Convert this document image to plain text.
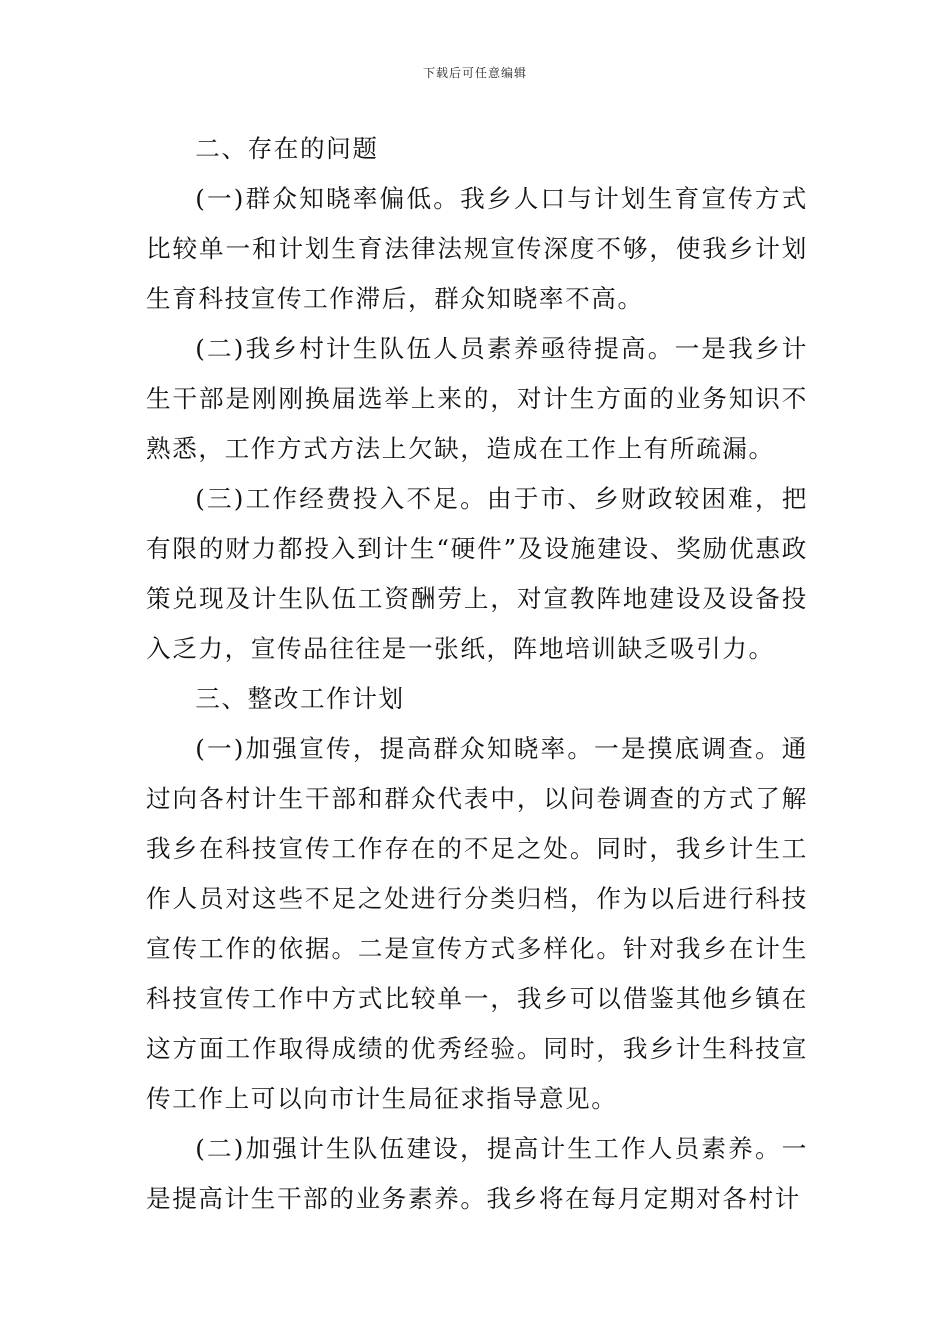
下载后可任意编辑

二、存在的问题

(一)群众知晓率偏低。我乡人口与计划生育宣传方式比较单一和计划生育法律法规宣传深度不够，使我乡计划生育科技宣传工作滞后，群众知晓率不高。

(二)我乡村计生队伍人员素养亟待提高。一是我乡计生干部是刚刚换届选举上来的，对计生方面的业务知识不熟悉，工作方式方法上欠缺，造成在工作上有所疏漏。

(三)工作经费投入不足。由于市、乡财政较困难，把有限的财力都投入到计生“硬件”及设施建设、奖励优惠政策兑现及计生队伍工资酬劳上，对宣教阵地建设及设备投入乏力，宣传品往往是一张纸，阵地培训缺乏吸引力。

三、整改工作计划

(一)加强宣传，提高群众知晓率。一是摸底调查。通过向各村计生干部和群众代表中，以问卷调查的方式了解我乡在科技宣传工作存在的不足之处。同时，我乡计生工作人员对这些不足之处进行分类归档，作为以后进行科技宣传工作的依据。二是宣传方式多样化。针对我乡在计生科技宣传工作中方式比较单一，我乡可以借鉴其他乡镇在这方面工作取得成绩的优秀经验。同时，我乡计生科技宣传工作上可以向市计生局征求指导意见。

(二)加强计生队伍建设，提高计生工作人员素养。一是提高计生干部的业务素养。我乡将在每月定期对各村计
